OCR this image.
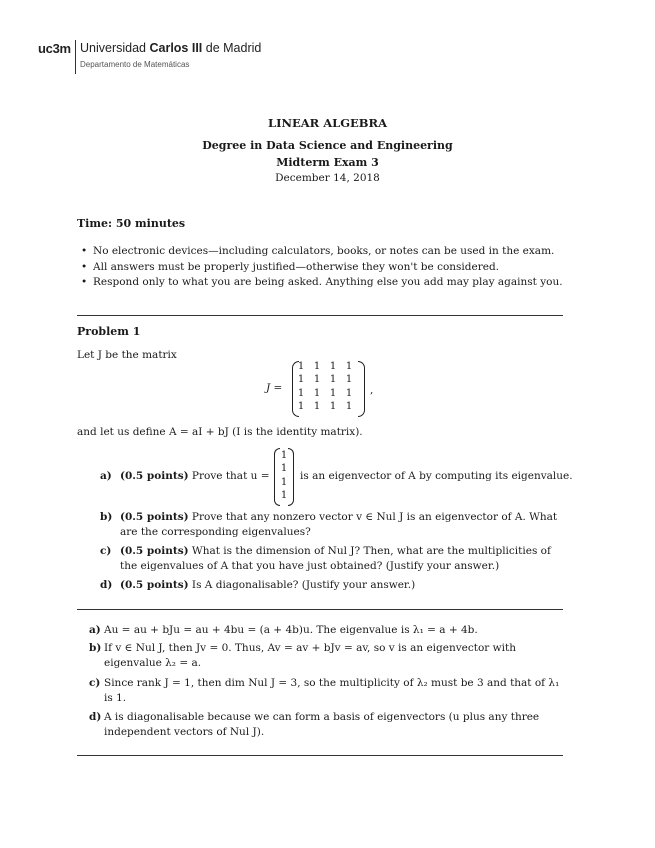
uc3m Universidad Carlos III de Madrid
Departamento de Matemáticas
LINEAR ALGEBRA
Degree in Data Science and Engineering
Midterm Exam 3
December 14, 2018
Time: 50 minutes
• No electronic devices—including calculators, books, or notes can be used in the exam.
• All answers must be properly justified—otherwise they won't be considered.
• Respond only to what you are being asked. Anything else you add may play against you.
Problem 1
Let J be the matrix
J =
1 1 1 1
1 1 1 1
1 1 1 1
1 1 1 1
,
and let us define A = aI + bJ (I is the identity matrix).
a) (0.5 points) Prove that u =
1
1
1
1
is an eigenvector of A by computing its eigenvalue.
b) (0.5 points) Prove that any nonzero vector v ∈ Nul J is an eigenvector of A. What are the corresponding eigenvalues?
c) (0.5 points) What is the dimension of Nul J? Then, what are the multiplicities of the eigenvalues of A that you have just obtained? (Justify your answer.)
d) (0.5 points) Is A diagonalisable? (Justify your answer.)
a) Au = au + bJu = au + 4bu = (a + 4b)u. The eigenvalue is λ₁ = a + 4b.
b) If v ∈ Nul J, then Jv = 0. Thus, Av = av + bJv = av, so v is an eigenvector with eigenvalue λ₂ = a.
c) Since rank J = 1, then dim Nul J = 3, so the multiplicity of λ₂ must be 3 and that of λ₁ is 1.
d) A is diagonalisable because we can form a basis of eigenvectors (u plus any three independent vectors of Nul J).
